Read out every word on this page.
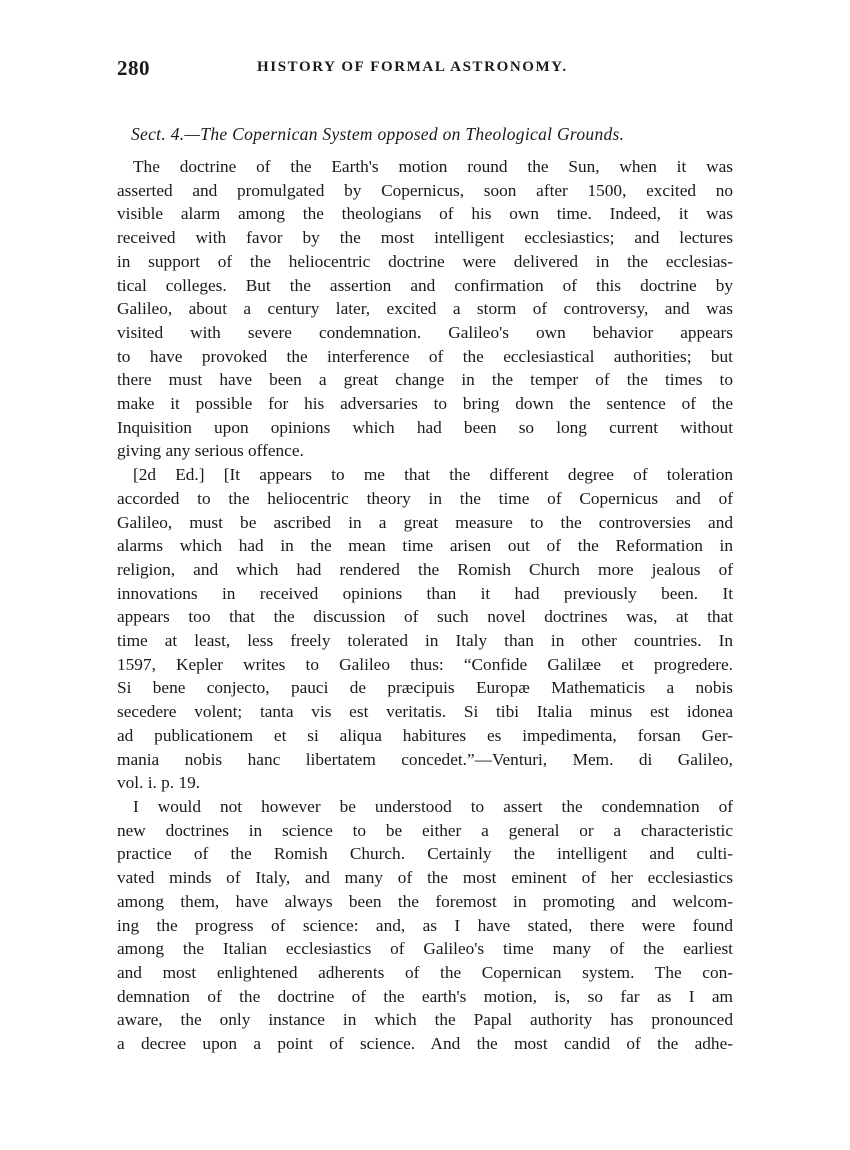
280	HISTORY OF FORMAL ASTRONOMY.
Sect. 4.—The Copernican System opposed on Theological Grounds.
The doctrine of the Earth's motion round the Sun, when it was
asserted and promulgated by Copernicus, soon after 1500, excited no
visible alarm among the theologians of his own time. Indeed, it was
received with favor by the most intelligent ecclesiastics; and lectures
in support of the heliocentric doctrine were delivered in the ecclesias-
tical colleges. But the assertion and confirmation of this doctrine by
Galileo, about a century later, excited a storm of controversy, and was
visited with severe condemnation. Galileo's own behavior appears
to have provoked the interference of the ecclesiastical authorities; but
there must have been a great change in the temper of the times to
make it possible for his adversaries to bring down the sentence of the
Inquisition upon opinions which had been so long current without
giving any serious offence.
[2d Ed.] [It appears to me that the different degree of toleration
accorded to the heliocentric theory in the time of Copernicus and of
Galileo, must be ascribed in a great measure to the controversies and
alarms which had in the mean time arisen out of the Reformation in
religion, and which had rendered the Romish Church more jealous of
innovations in received opinions than it had previously been. It
appears too that the discussion of such novel doctrines was, at that
time at least, less freely tolerated in Italy than in other countries. In
1597, Kepler writes to Galileo thus: “Confide Galilæe et progredere.
Si bene conjecto, pauci de præcipuis Europæ Mathematicis a nobis
secedere volent; tanta vis est veritatis. Si tibi Italia minus est idonea
ad publicationem et si aliqua habitures es impedimenta, forsan Ger-
mania nobis hanc libertatem concedet.”—Venturi, Mem. di Galileo,
vol. i. p. 19.
I would not however be understood to assert the condemnation of
new doctrines in science to be either a general or a characteristic
practice of the Romish Church. Certainly the intelligent and culti-
vated minds of Italy, and many of the most eminent of her ecclesiastics
among them, have always been the foremost in promoting and welcom-
ing the progress of science: and, as I have stated, there were found
among the Italian ecclesiastics of Galileo's time many of the earliest
and most enlightened adherents of the Copernican system. The con-
demnation of the doctrine of the earth's motion, is, so far as I am
aware, the only instance in which the Papal authority has pronounced
a decree upon a point of science. And the most candid of the adhe-
